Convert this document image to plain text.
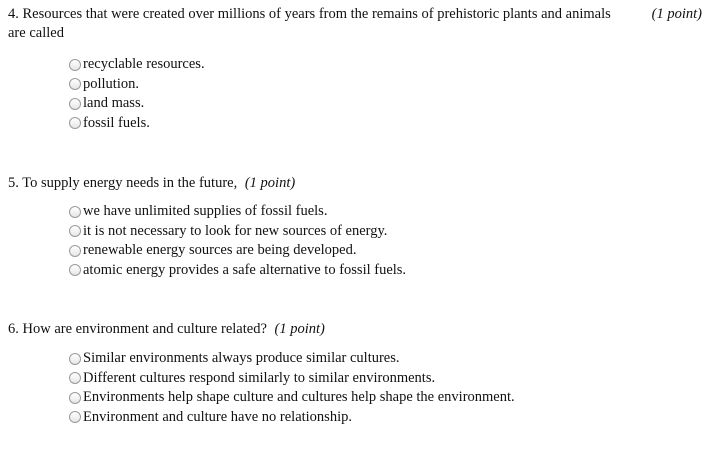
4. Resources that were created over millions of years from the remains of prehistoric plants and animals are called
(1 point)
recyclable resources.
pollution.
land mass.
fossil fuels.
5. To supply energy needs in the future, (1 point)
we have unlimited supplies of fossil fuels.
it is not necessary to look for new sources of energy.
renewable energy sources are being developed.
atomic energy provides a safe alternative to fossil fuels.
6. How are environment and culture related? (1 point)
Similar environments always produce similar cultures.
Different cultures respond similarly to similar environments.
Environments help shape culture and cultures help shape the environment.
Environment and culture have no relationship.
